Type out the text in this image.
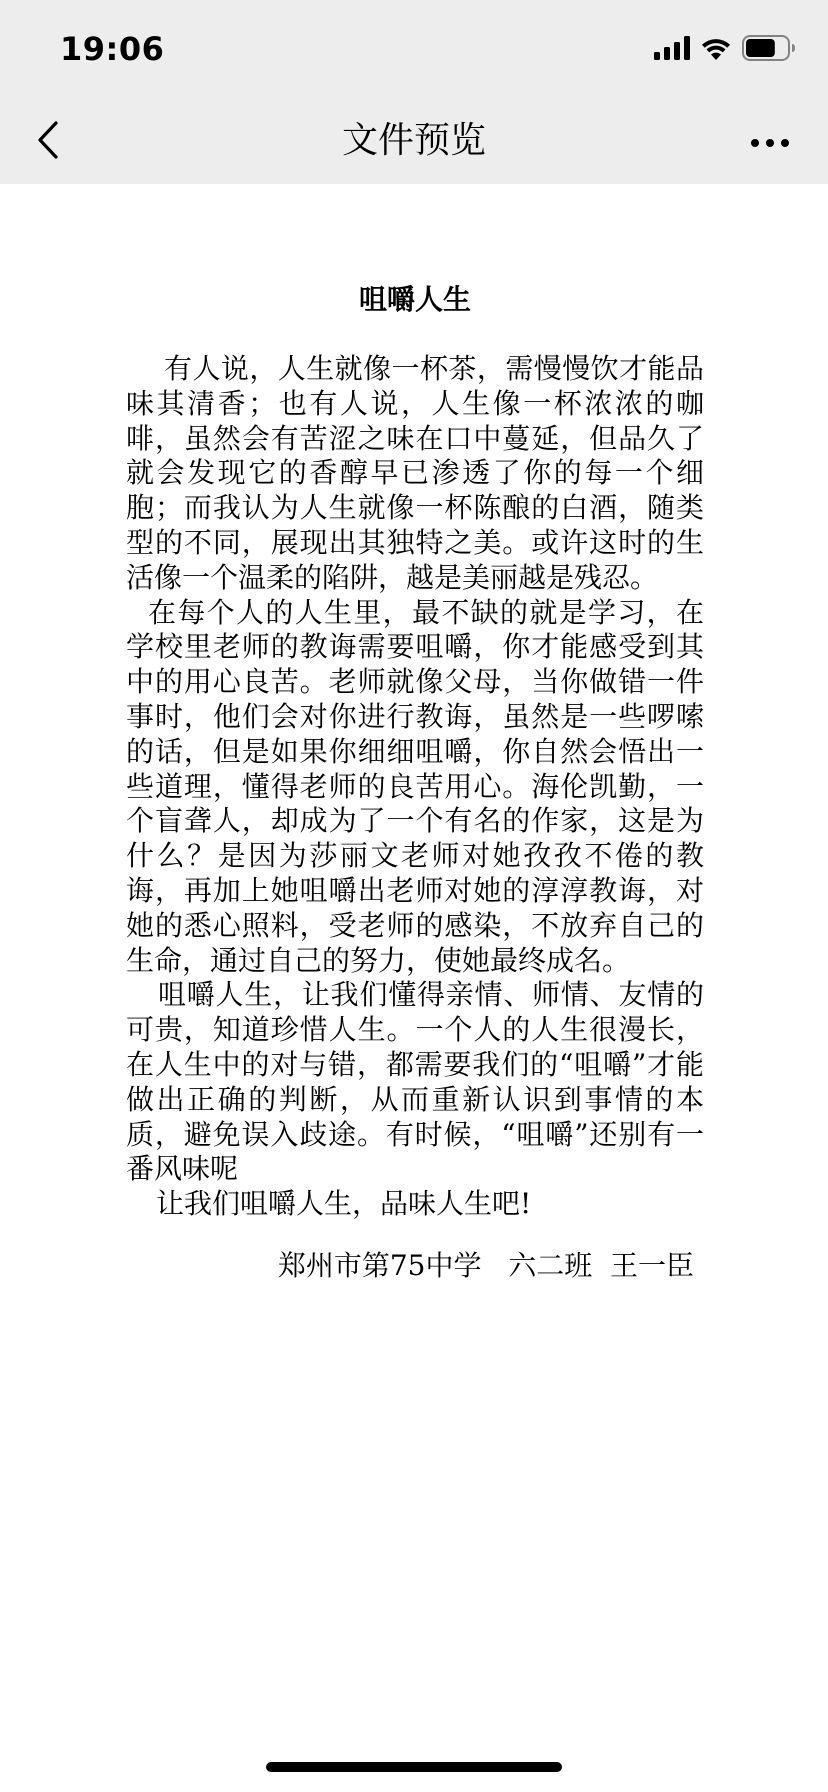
19:06
文件预览
咀嚼人生

有人说，人生就像一杯茶，需慢慢饮才能品味其清香；也有人说，人生像一杯浓浓的咖啡，虽然会有苦涩之味在口中蔓延，但品久了就会发现它的香醇早已渗透了你的每一个细胞；而我认为人生就像一杯陈酿的白酒，随类型的不同，展现出其独特之美。或许这时的生活像一个温柔的陷阱，越是美丽越是残忍。

在每个人的人生里，最不缺的就是学习，在学校里老师的教诲需要咀嚼，你才能感受到其中的用心良苦。老师就像父母，当你做错一件事时，他们会对你进行教诲，虽然是一些啰嗦的话，但是如果你细细咀嚼，你自然会悟出一些道理，懂得老师的良苦用心。海伦凯勤，一个盲聋人，却成为了一个有名的作家，这是为什么？是因为莎丽文老师对她孜孜不倦的教诲，再加上她咀嚼出老师对她的淳淳教诲，对她的悉心照料，受老师的感染，不放弃自己的生命，通过自己的努力，使她最终成名。

咀嚼人生，让我们懂得亲情、师情、友情的可贵，知道珍惜人生。一个人的人生很漫长，在人生中的对与错，都需要我们的“咀嚼”才能做出正确的判断，从而重新认识到事情的本质，避免误入歧途。有时候，“咀嚼”还别有一番风味呢

让我们咀嚼人生，品味人生吧!

郑州市第75中学   六二班  王一臣
